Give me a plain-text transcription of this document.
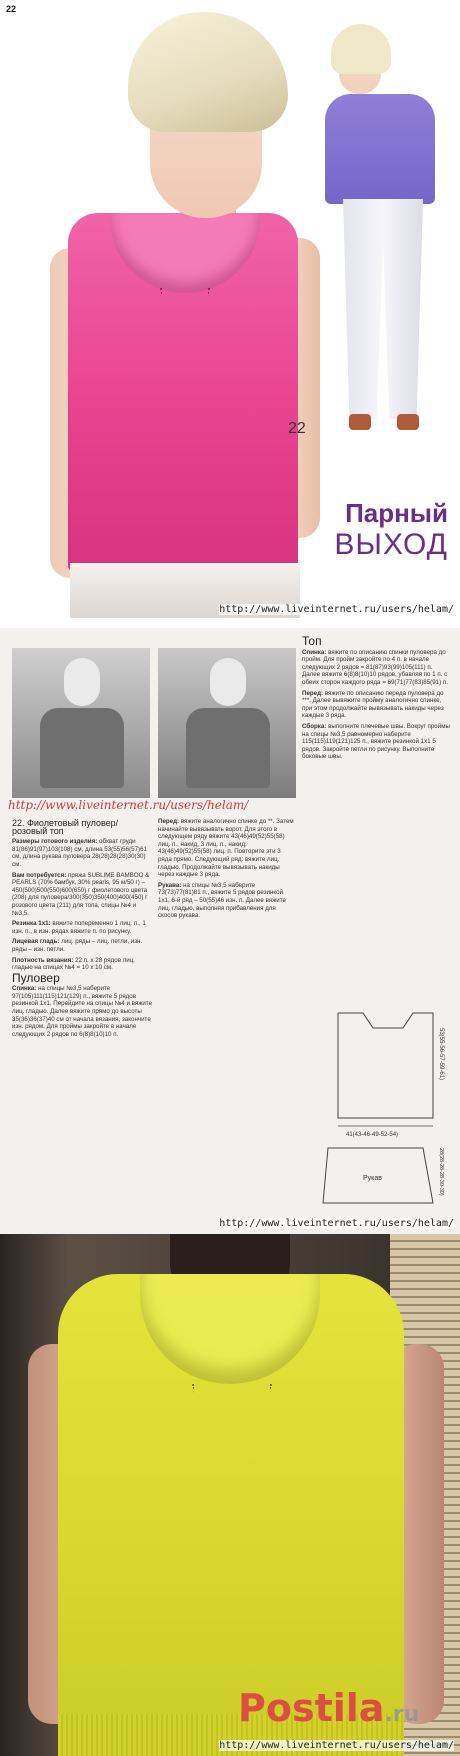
22
22
Парный
ВЫХОД
http://www.liveinternet.ru/users/helam/
http://www.liveinternet.ru/users/helam/
22. Фиолетовый пуловер/розовый топ

Размеры готового изделия: обхват груди 81(86)91(97)103(108) см, длина 53(55)56(57)61 см, длина рукава пуловера 28(28)28(28)30(30) см.

Вам потребуется: пряжа SUBLIME BAMBOO & PEARLS (70% бамбук, 30% pearls, 95 м/50 г) – 450(500)500(550)600(650) г фиолетового цвета (208) для пуловера/300(350)350(400)400(450) г розового цвета (211) для топа, спицы №4 и №3,5.

Резинка 1х1: вяжите попеременно 1 лиц. п., 1 изн. п., в изн. рядах вяжите п. по рисунку.

Лицевая гладь: лиц. ряды – лиц. петли, изн. ряды – изн. петли.

Плотность вязания: 22 п. х 28 рядов лиц. гладью на спицах №4 = 10 х 10 см.

Пуловер

Спинка: на спицы №3,5 наберите 97(105)111(115)121(129) п., вяжите 5 рядов резинкой 1х1. Перейдите на спицы №4 и вяжите лиц. гладью. Далее вяжите прямо до высоты 35(36)36(37)40 см от начала вязания, закончите изн. рядом. Для проймы закройте в начале следующих 2 рядов по 6(8)8(10)10 п.

Перед: вяжите аналогично спинке до **. Затем начинайте вывязывать ворот. Для этого в следующем ряду вяжите 43(46)49(52)55(58) лиц. п., накид, 3 лиц. п., накид, 43(46)49(52)55(58) лиц. п. Повторите эти 3 ряда прямо. Следующий ряд: вяжите лиц. гладью. Продолжайте вывязывать накиды через каждые 3 ряда.

Рукава: на спицы №3,5 наберите 73(73)77(81)81 п., вяжите 5 рядов резинкой 1х1, 6-й ряд – 50(55)46 изн. п. Далее вяжите лиц. гладью, выполняя прибавления для скосов рукава.

Топ

Спинка: вяжите по описанию спинки пуловера до пройм. Для пройм закройте по 4 п. в начале следующих 2 рядов = 81(87)93(99)105(111) п. Далее вяжите 6(8)8(10)10 рядов, убавляя по 1 п. с обеих сторон каждого ряда = 69(71)77(83)85(91) п.

Перед: вяжите по описанию переда пуловера до ***. Далее вывяжите пройму аналогично спинке, при этом продолжайте вывязывать накиды через каждые 3 ряда.

Сборка: выполните плечевые швы. Вокруг проймы на спицы №3,5 равномерно наберите 115(115)119(121)125 п., вяжите резинкой 1х1 5 рядов. Закройте петли по рисунку. Выполните боковые швы.

41(43-46-49-52-54)
53(55-56-57-59-61)
Рукав	28(28-28-28-30-30)
http://www.liveinternet.ru/users/helam/
Postila.ru
http://www.liveinternet.ru/users/helam/
